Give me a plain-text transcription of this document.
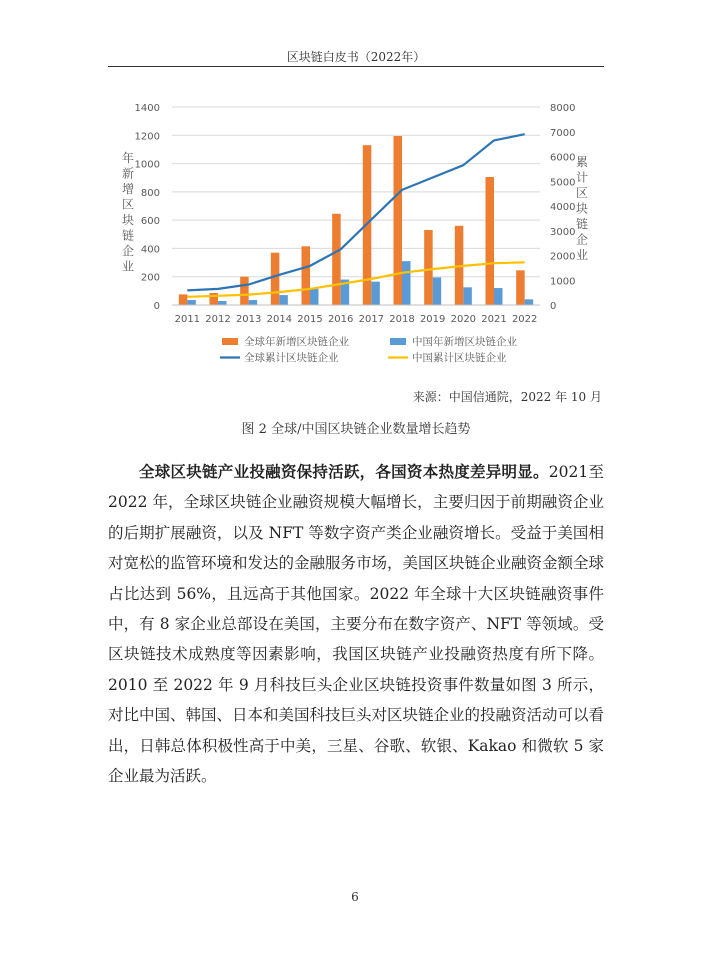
区块链白皮书（2022年）
0
200
400
600
800
1000
1200
1400
0
1000
2000
3000
4000
5000
6000
7000
8000
2011 2012 2013 2014 2015 2016 2017 2018 2019 2020 2021 2022
年
新
增
区
块
链
企
业
累
计
区
块
链
企
业
全球年新增区块链企业	中国年新增区块链企业
全球累计区块链企业	中国累计区块链企业
来源：中国信通院，2022 年 10 月
图 2 全球/中国区块链企业数量增长趋势

全球区块链产业投融资保持活跃，各国资本热度差异明显。2021至 2022 年，全球区块链企业融资规模大幅增长，主要归因于前期融资企业的后期扩展融资，以及 NFT 等数字资产类企业融资增长。受益于美国相对宽松的监管环境和发达的金融服务市场，美国区块链企业融资金额全球占比达到 56%，且远高于其他国家。2022 年全球十大区块链融资事件中，有 8 家企业总部设在美国，主要分布在数字资产、NFT 等领域。受区块链技术成熟度等因素影响，我国区块链产业投融资热度有所下降。2010 至 2022 年 9 月科技巨头企业区块链投资事件数量如图 3 所示，对比中国、韩国、日本和美国科技巨头对区块链企业的投融资活动可以看出，日韩总体积极性高于中美，三星、谷歌、软银、Kakao 和微软 5 家企业最为活跃。

6
